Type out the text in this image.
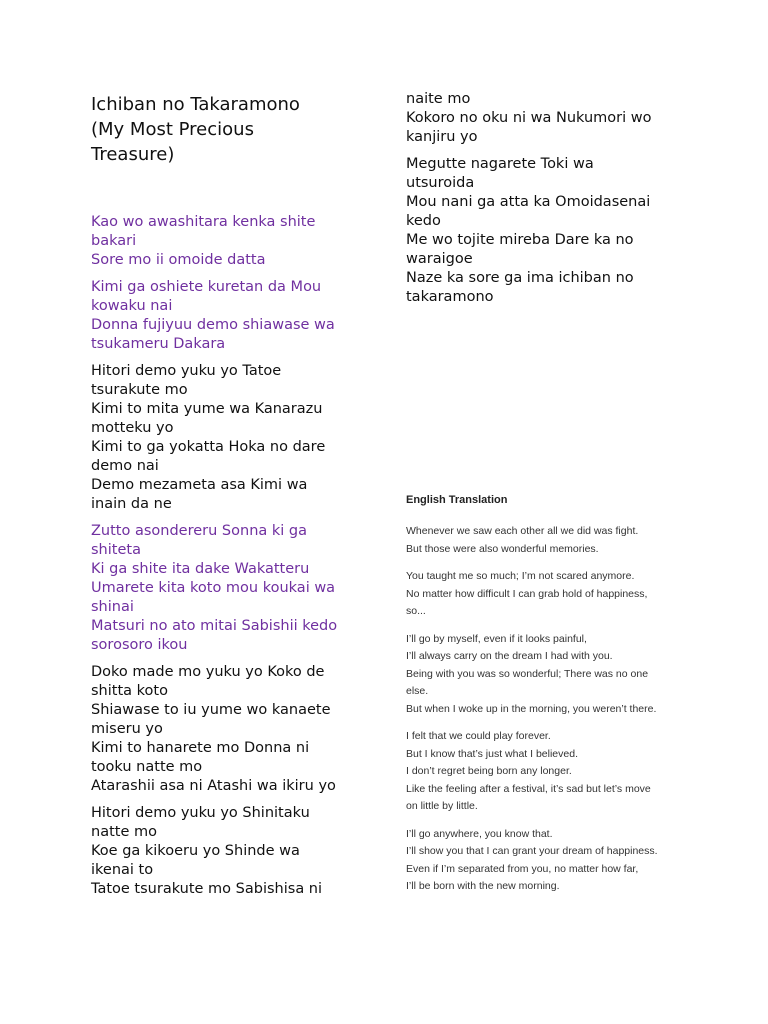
Ichiban no Takaramono
(My Most Precious
Treasure)
Kao wo awashitara kenka shite
bakari
Sore mo ii omoide datta
Kimi ga oshiete kuretan da Mou
kowaku nai
Donna fujiyuu demo shiawase wa
tsukameru Dakara
Hitori demo yuku yo Tatoe
tsurakute mo
Kimi to mita yume wa Kanarazu
motteku yo
Kimi to ga yokatta Hoka no dare
demo nai
Demo mezameta asa Kimi wa
inain da ne
Zutto asondereru Sonna ki ga
shiteta
Ki ga shite ita dake Wakatteru
Umarete kita koto mou koukai wa
shinai
Matsuri no ato mitai Sabishii kedo
sorosoro ikou
Doko made mo yuku yo Koko de
shitta koto
Shiawase to iu yume wo kanaete
miseru yo
Kimi to hanarete mo Donna ni
tooku natte mo
Atarashii asa ni Atashi wa ikiru yo
Hitori demo yuku yo Shinitaku
natte mo
Koe ga kikoeru yo Shinde wa
ikenai to
Tatoe tsurakute mo Sabishisa ni
naite mo
Kokoro no oku ni wa Nukumori wo
kanjiru yo
Megutte nagarete Toki wa
utsuroida
Mou nani ga atta ka Omoidasenai
kedo
Me wo tojite mireba Dare ka no
waraigoe
Naze ka sore ga ima ichiban no
takaramono
English Translation
Whenever we saw each other all we did was fight.
But those were also wonderful memories.
You taught me so much; I’m not scared anymore.
No matter how difficult I can grab hold of happiness,
so...
I’ll go by myself, even if it looks painful,
I’ll always carry on the dream I had with you.
Being with you was so wonderful; There was no one
else.
But when I woke up in the morning, you weren’t there.
I felt that we could play forever.
But I know that’s just what I believed.
I don’t regret being born any longer.
Like the feeling after a festival, it’s sad but let’s move
on little by little.
I’ll go anywhere, you know that.
I’ll show you that I can grant your dream of happiness.
Even if I’m separated from you, no matter how far,
I’ll be born with the new morning.
